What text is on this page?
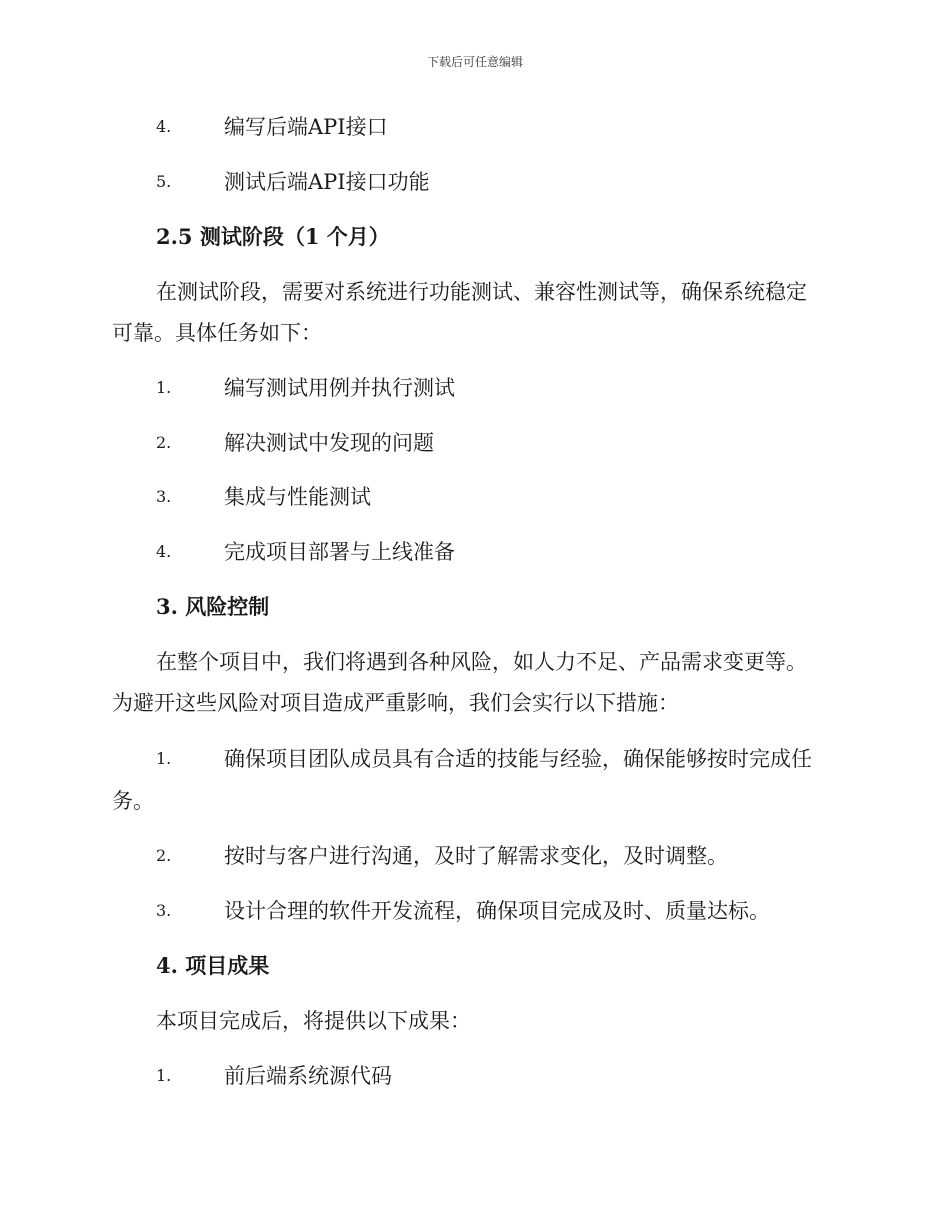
下载后可任意编辑
4.	编写后端API接口
5.	测试后端API接口功能
2.5 测试阶段（1 个月）
在测试阶段，需要对系统进行功能测试、兼容性测试等，确保系统稳定
可靠。具体任务如下：
1.	编写测试用例并执行测试
2.	解决测试中发现的问题
3.	集成与性能测试
4.	完成项目部署与上线准备
3. 风险控制
在整个项目中，我们将遇到各种风险，如人力不足、产品需求变更等。
为避开这些风险对项目造成严重影响，我们会实行以下措施：
1.	确保项目团队成员具有合适的技能与经验，确保能够按时完成任
务。
2.	按时与客户进行沟通，及时了解需求变化，及时调整。
3.	设计合理的软件开发流程，确保项目完成及时、质量达标。
4. 项目成果
本项目完成后，将提供以下成果：
1.	前后端系统源代码
